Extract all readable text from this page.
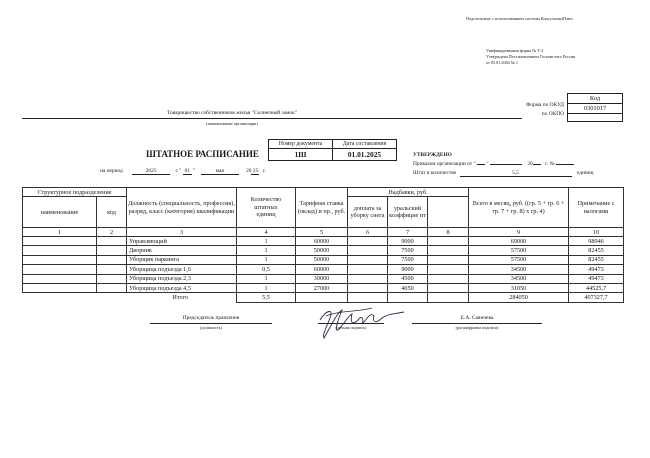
Подготовлено с использованием системы КонсультантПлюс
Унифицированная форма № Т-3
Утверждена Постановлением Госкомстата России
от 05.01.2004 № 1
Код
0301017
Форма по ОКУД
по ОКПО
Товарищество собственников жилья "Солнечный замок"
(наименование организации)
ШТАТНОЕ РАСПИСАНИЕ
Номер документа	Дата составления
1Ш	01.01.2025
на период	2025	с " 01 "	мая	2025 г.
УТВЕРЖДЕНО
Приказом организации от " "	20 г. №
Штат в количестве	5,5	единиц
Структурное подразделение		Должность (специальность, профессия), разряд, класс (категория) квалификации	Количество штатных единиц	Тарифная ставка (оклад) и пр., руб.	Надбавки, руб.			Всего в месяц, руб. ((гр. 5 + гр. 6 + гр. 7 + гр. 8) х гр. 4)	Примечание с налогами
наименование	код				доплата за уборку снега	уральский коэффицие нт			
1	2	3	4	5	6	7	8	9	10
		Управляющий	1	60000		9000		69000	98946
		Дворник	1	50000		7500		57500	82455
		Уборщик паркинга	1	50000		7500		57500	82455
		Уборщица подъезда 1,6	0,5	60000		9000		34500	49473
		Уборщица подъезда 2,3	1	30000		4500		34500	49473
		Уборщица подъезда 4,5	1	27000		4050		31050	44525,7
		Итого	5,5					284050	407327,7
Председатель правления
(должность)	(личная подпись)
Е.А. Савичева
(расшифровка подписи)
